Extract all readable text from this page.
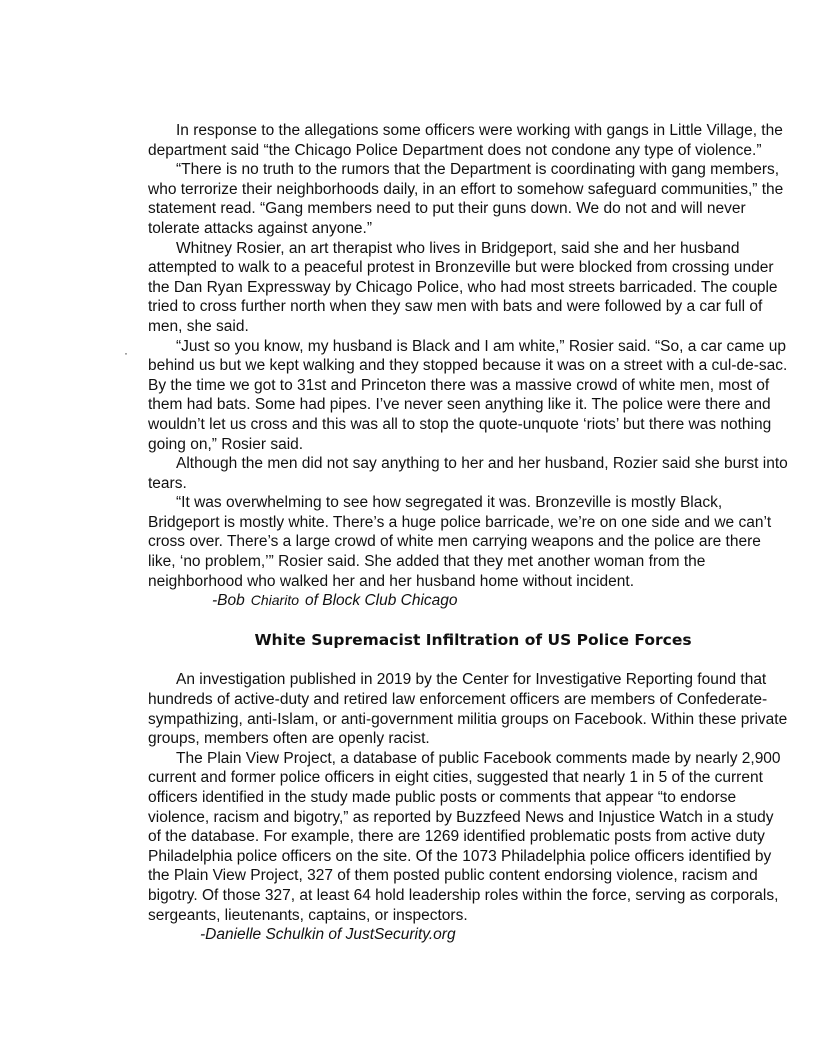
·

In response to the allegations some officers were working with gangs in Little Village, the department said “the Chicago Police Department does not condone any type of violence.”

“There is no truth to the rumors that the Department is coordinating with gang members, who terrorize their neighborhoods daily, in an effort to somehow safeguard communities,” the statement read. “Gang members need to put their guns down. We do not and will never tolerate attacks against anyone.”

Whitney Rosier, an art therapist who lives in Bridgeport, said she and her husband attempted to walk to a peaceful protest in Bronzeville but were blocked from crossing under the Dan Ryan Expressway by Chicago Police, who had most streets barricaded. The couple tried to cross further north when they saw men with bats and were followed by a car full of men, she said.

“Just so you know, my husband is Black and I am white,” Rosier said. “So, a car came up behind us but we kept walking and they stopped because it was on a street with a cul-de-sac. By the time we got to 31st and Princeton there was a massive crowd of white men, most of them had bats. Some had pipes. I’ve never seen anything like it. The police were there and wouldn’t let us cross and this was all to stop the quote-unquote ‘riots’ but there was nothing going on,” Rosier said.

Although the men did not say anything to her and her husband, Rozier said she burst into tears.

“It was overwhelming to see how segregated it was. Bronzeville is mostly Black, Bridgeport is mostly white. There’s a huge police barricade, we’re on one side and we can’t cross over. There’s a large crowd of white men carrying weapons and the police are there like, ‘no problem,’” Rosier said. She added that they met another woman from the neighborhood who walked her and her husband home without incident.

-Bob Chiarito of Block Club Chicago

White Supremacist Infiltration of US Police Forces

An investigation published in 2019 by the Center for Investigative Reporting found that hundreds of active-duty and retired law enforcement officers are members of Confederate-sympathizing, anti-Islam, or anti-government militia groups on Facebook. Within these private groups, members often are openly racist.

The Plain View Project, a database of public Facebook comments made by nearly 2,900 current and former police officers in eight cities, suggested that nearly 1 in 5 of the current officers identified in the study made public posts or comments that appear “to endorse violence, racism and bigotry,” as reported by Buzzfeed News and Injustice Watch in a study of the database. For example, there are 1269 identified problematic posts from active duty Philadelphia police officers on the site. Of the 1073 Philadelphia police officers identified by the Plain View Project, 327 of them posted public content endorsing violence, racism and bigotry. Of those 327, at least 64 hold leadership roles within the force, serving as corporals, sergeants, lieutenants, captains, or inspectors.

-Danielle Schulkin of JustSecurity.org
